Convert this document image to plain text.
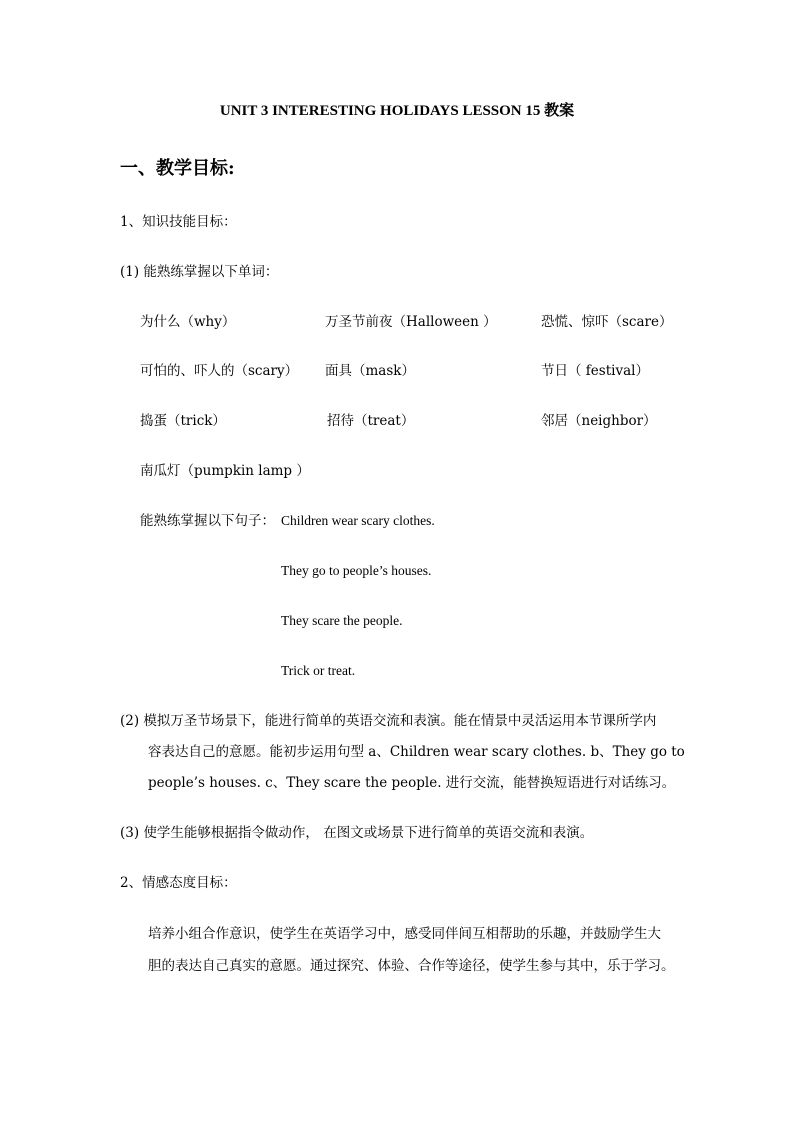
UNIT 3 INTERESTING HOLIDAYS LESSON 15 教案
一、教学目标:
1、知识技能目标：
(1) 能熟练掌握以下单词：
为什么（why）	万圣节前夜（Halloween ）	恐慌、惊吓（scare）
可怕的、吓人的（scary） 面具（mask）	节日（ festival）
捣蛋（trick）	招待（treat）	邻居（neighbor）
南瓜灯（pumpkin lamp ）
能熟练掌握以下句子： Children wear scary clothes.
They go to people’s houses.
They scare the people.
Trick or treat.
(2) 模拟万圣节场景下，能进行简单的英语交流和表演。能在情景中灵活运用本节课所学内
容表达自己的意愿。能初步运用句型 a、Children wear scary clothes. b、They go to
people’s houses. c、They scare the people. 进行交流，能替换短语进行对话练习。
(3) 使学生能够根据指令做动作， 在图文或场景下进行简单的英语交流和表演。
2、情感态度目标：
培养小组合作意识，使学生在英语学习中，感受同伴间互相帮助的乐趣，并鼓励学生大
胆的表达自己真实的意愿。通过探究、体验、合作等途径，使学生参与其中，乐于学习。
